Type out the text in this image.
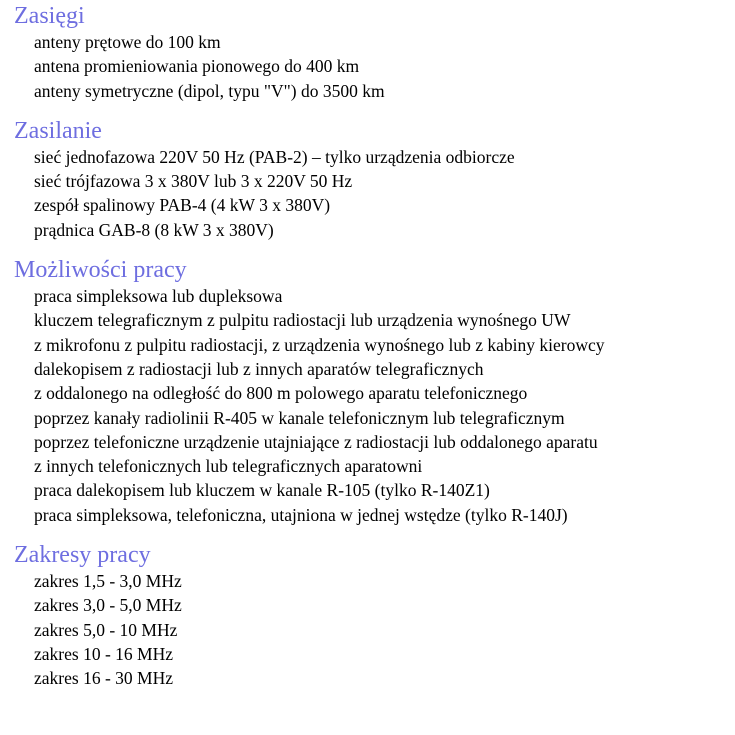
Zasięgi
anteny prętowe do 100 km
antena promieniowania pionowego do 400 km
anteny symetryczne (dipol, typu "V") do 3500 km
Zasilanie
sieć jednofazowa 220V 50 Hz (PAB-2) – tylko urządzenia odbiorcze
sieć trójfazowa 3 x 380V lub 3 x 220V 50 Hz
zespół spalinowy PAB-4 (4 kW 3 x 380V)
prądnica GAB-8 (8 kW 3 x 380V)
Możliwości pracy
praca simpleksowa lub dupleksowa
kluczem telegraficznym z pulpitu radiostacji lub urządzenia wynośnego UW
z mikrofonu z pulpitu radiostacji, z urządzenia wynośnego lub z kabiny kierowcy
dalekopisem z radiostacji lub z innych aparatów telegraficznych
z oddalonego na odległość do 800 m polowego aparatu telefonicznego
poprzez kanały radiolinii R-405 w kanale telefonicznym lub telegraficznym
poprzez telefoniczne urządzenie utajniające z radiostacji lub oddalonego aparatu
z innych telefonicznych lub telegraficznych aparatowni
praca dalekopisem lub kluczem w kanale R-105 (tylko R-140Z1)
praca simpleksowa, telefoniczna, utajniona w jednej wstędze (tylko R-140J)
Zakresy pracy
zakres 1,5 - 3,0 MHz
zakres 3,0 - 5,0 MHz
zakres 5,0 - 10 MHz
zakres 10 - 16 MHz
zakres 16 - 30 MHz
